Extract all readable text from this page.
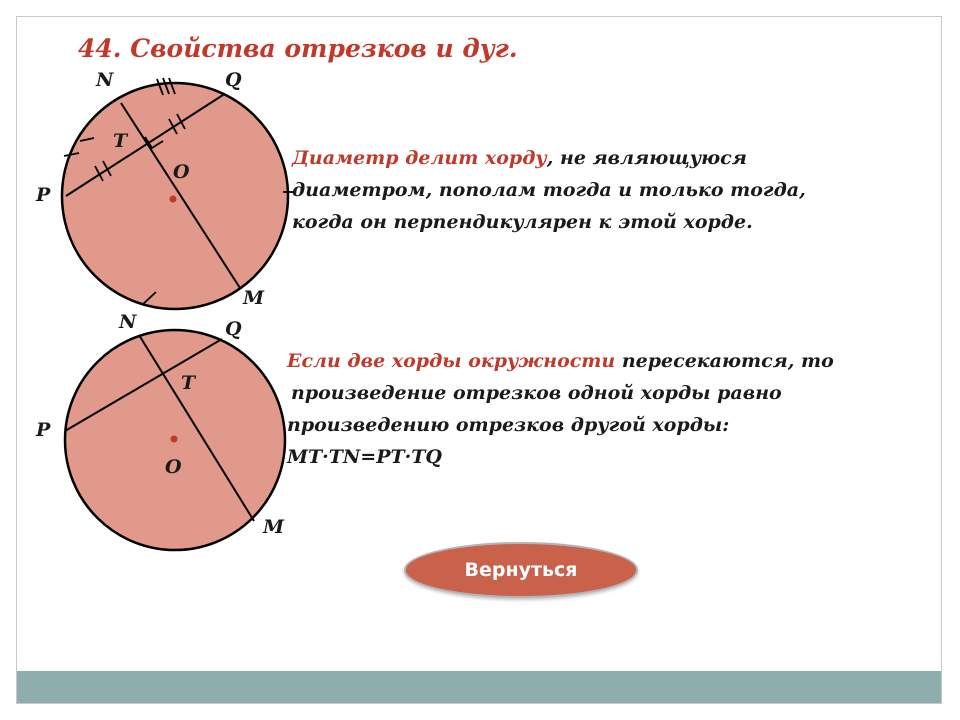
44. Свойства отрезков и дуг.
N	Q
T
O
P
M
N	Q
T
O
P
M
Диаметр делит хорду, не являющуюся
диаметром, пополам тогда и только тогда,
когда он перпендикулярен к этой хорде.
Если две хорды окружности пересекаются, то
произведение отрезков одной хорды равно
произведению отрезков другой хорды:
MT·TN=PT·TQ
Вернуться
